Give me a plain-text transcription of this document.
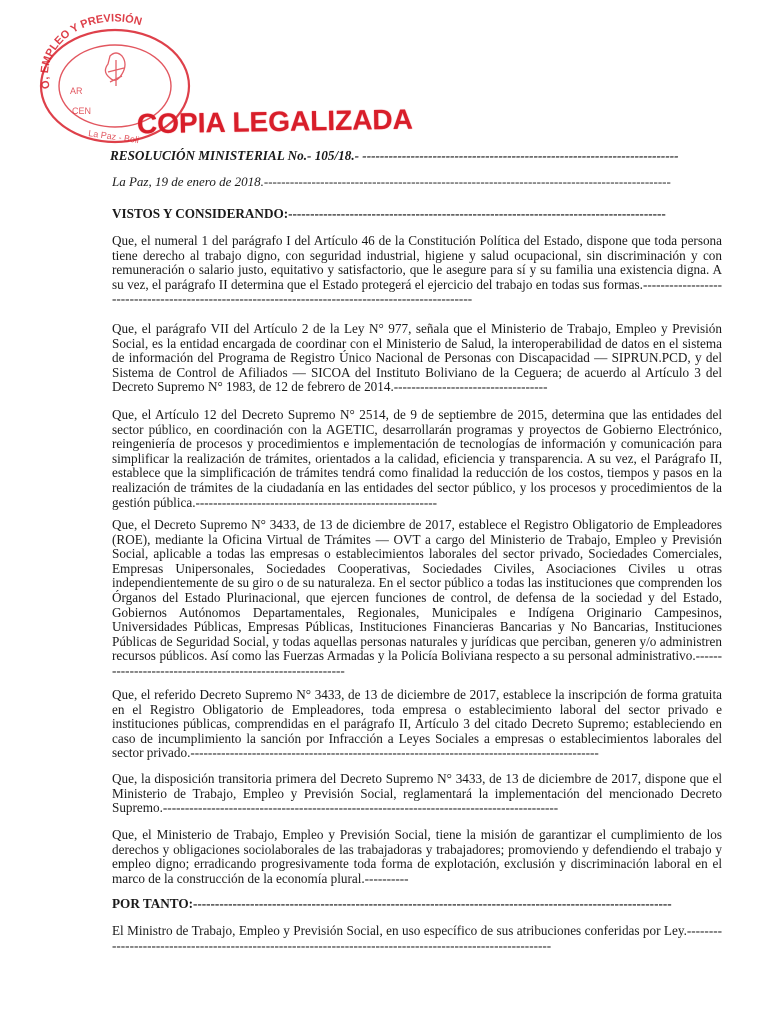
O, EMPLEO Y PREVISIÓN
AR
CEN
La Paz - Boli
COPIA LEGALIZADA
RESOLUCIÓN MINISTERIAL No.- 105/18.- ------------------------------------------------------------------------
La Paz, 19 de enero de 2018.----------------------------------------------------------------------------------------------
VISTOS Y CONSIDERANDO:--------------------------------------------------------------------------------------
Que, el numeral 1 del parágrafo I del Artículo 46 de la Constitución Política del Estado, dispone que toda persona tiene derecho al trabajo digno, con seguridad industrial, higiene y salud ocupacional, sin discriminación y con remuneración o salario justo, equitativo y satisfactorio, que le asegure para sí y su familia una existencia digna. A su vez, el parágrafo II determina que el Estado protegerá el ejercicio del trabajo en todas sus formas.----------------------------------------------------------------------------------------------------
Que, el parágrafo VII del Artículo 2 de la Ley N° 977, señala que el Ministerio de Trabajo, Empleo y Previsión Social, es la entidad encargada de coordinar con el Ministerio de Salud, la interoperabilidad de datos en el sistema de información del Programa de Registro Único Nacional de Personas con Discapacidad — SIPRUN.PCD, y del Sistema de Control de Afiliados — SICOA del Instituto Boliviano de la Ceguera; de acuerdo al Artículo 3 del Decreto Supremo N° 1983, de 12 de febrero de 2014.-----------------------------------
Que, el Artículo 12 del Decreto Supremo N° 2514, de 9 de septiembre de 2015, determina que las entidades del sector público, en coordinación con la AGETIC, desarrollarán programas y proyectos de Gobierno Electrónico, reingeniería de procesos y procedimientos e implementación de tecnologías de información y comunicación para simplificar la realización de trámites, orientados a la calidad, eficiencia y transparencia. A su vez, el Parágrafo II, establece que la simplificación de trámites tendrá como finalidad la reducción de los costos, tiempos y pasos en la realización de trámites de la ciudadanía en las entidades del sector público, y los procesos y procedimientos de la gestión pública.-------------------------------------------------------
Que, el Decreto Supremo N° 3433, de 13 de diciembre de 2017, establece el Registro Obligatorio de Empleadores (ROE), mediante la Oficina Virtual de Trámites — OVT a cargo del Ministerio de Trabajo, Empleo y Previsión Social, aplicable a todas las empresas o establecimientos laborales del sector privado, Sociedades Comerciales, Empresas Unipersonales, Sociedades Cooperativas, Sociedades Civiles, Asociaciones Civiles u otras independientemente de su giro o de su naturaleza. En el sector público a todas las instituciones que comprenden los Órganos del Estado Plurinacional, que ejercen funciones de control, de defensa de la sociedad y del Estado, Gobiernos Autónomos Departamentales, Regionales, Municipales e Indígena Originario Campesinos, Universidades Públicas, Empresas Públicas, Instituciones Financieras Bancarias y No Bancarias, Instituciones Públicas de Seguridad Social, y todas aquellas personas naturales y jurídicas que perciban, generen y/o administren recursos públicos. Así como las Fuerzas Armadas y la Policía Boliviana respecto a su personal administrativo.-----------------------------------------------------------
Que, el referido Decreto Supremo N° 3433, de 13 de diciembre de 2017, establece la inscripción de forma gratuita en el Registro Obligatorio de Empleadores, toda empresa o establecimiento laboral del sector privado e instituciones públicas, comprendidas en el parágrafo II, Artículo 3 del citado Decreto Supremo; estableciendo en caso de incumplimiento la sanción por Infracción a Leyes Sociales a empresas o establecimientos laborales del sector privado.---------------------------------------------------------------------------------------------
Que, la disposición transitoria primera del Decreto Supremo N° 3433, de 13 de diciembre de 2017, dispone que el Ministerio de Trabajo, Empleo y Previsión Social, reglamentará la implementación del mencionado Decreto Supremo.------------------------------------------------------------------------------------------
Que, el Ministerio de Trabajo, Empleo y Previsión Social, tiene la misión de garantizar el cumplimiento de los derechos y obligaciones sociolaborales de las trabajadoras y trabajadores; promoviendo y defendiendo el trabajo y empleo digno; erradicando progresivamente toda forma de explotación, exclusión y discriminación laboral en el marco de la construcción de la economía plural.----------
POR TANTO:-------------------------------------------------------------------------------------------------------------
El Ministro de Trabajo, Empleo y Previsión Social, en uso específico de sus atribuciones conferidas por Ley.------------------------------------------------------------------------------------------------------------
